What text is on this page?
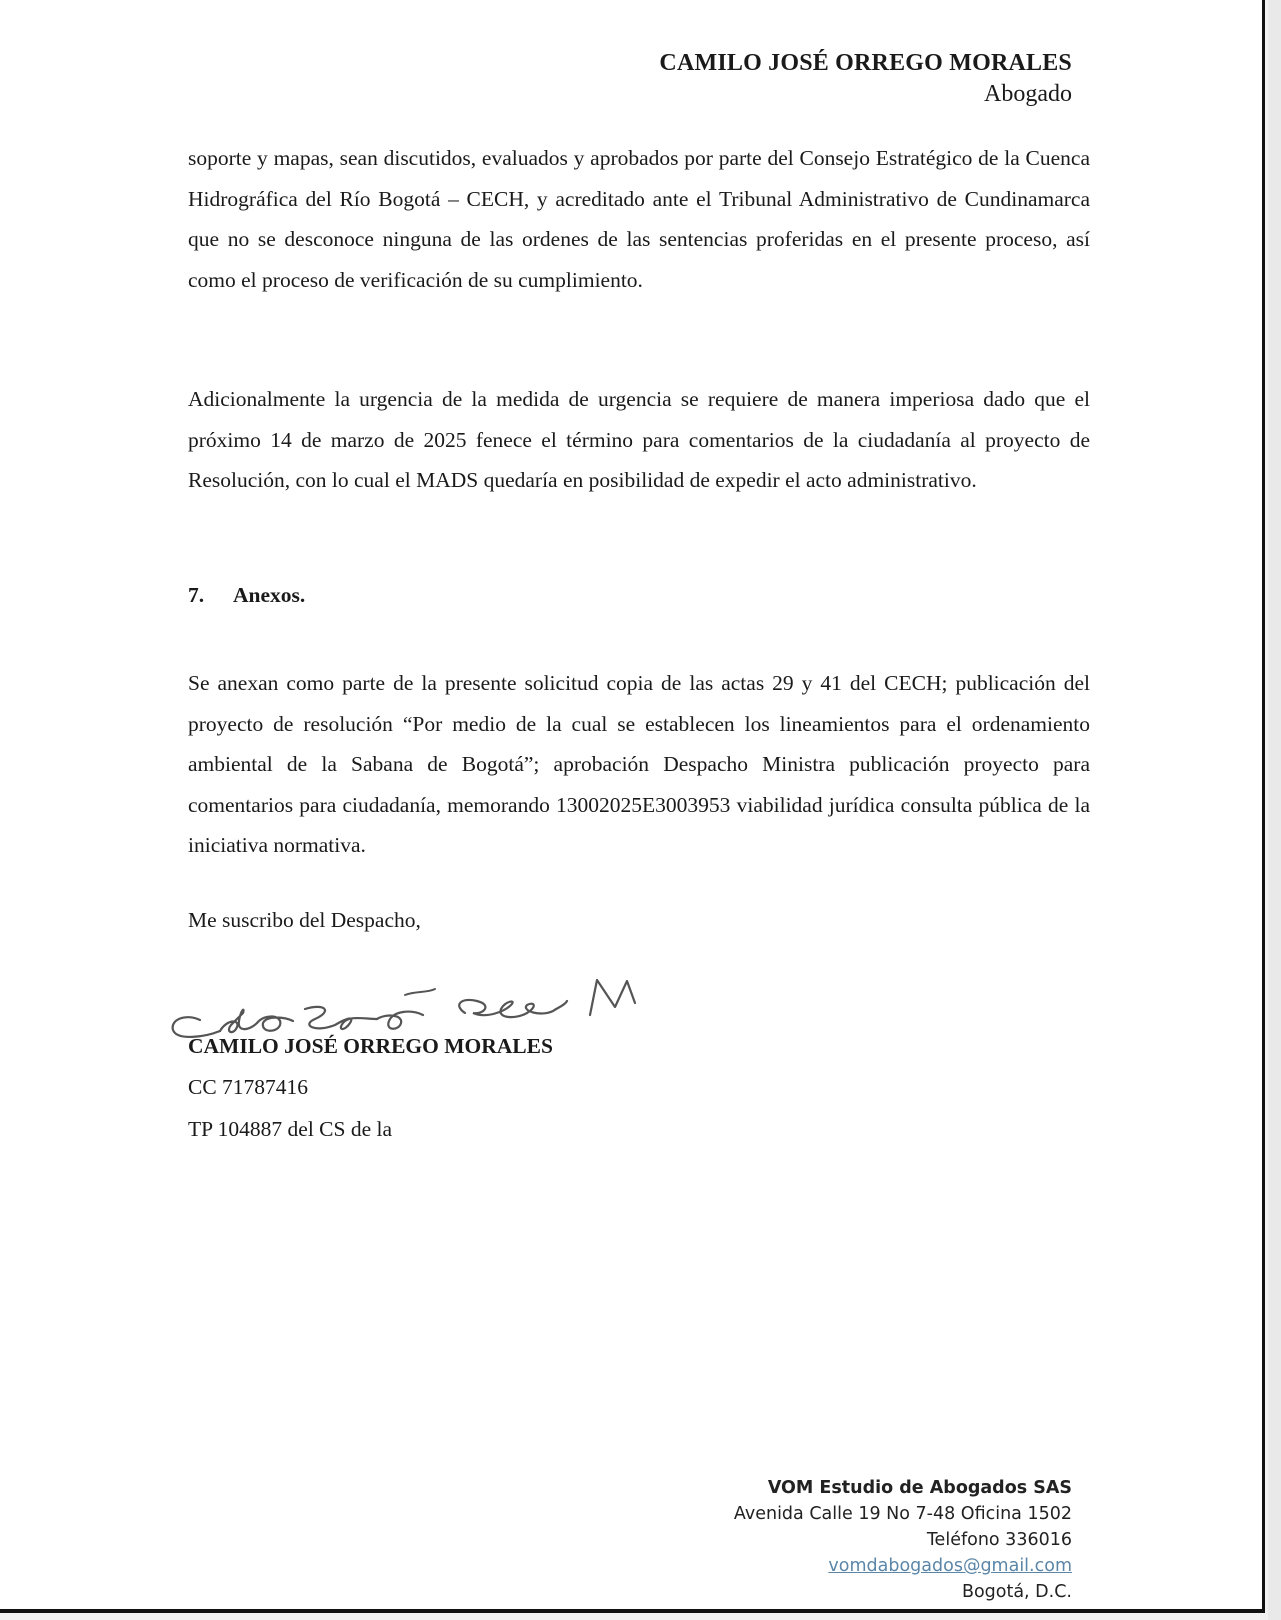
CAMILO JOSÉ ORREGO MORALES
Abogado
soporte y mapas, sean discutidos, evaluados y aprobados por parte del Consejo Estratégico de la Cuenca Hidrográfica del Río Bogotá – CECH, y acreditado ante el Tribunal Administrativo de Cundinamarca que no se desconoce ninguna de las ordenes de las sentencias proferidas en el presente proceso, así como el proceso de verificación de su cumplimiento.
Adicionalmente la urgencia de la medida de urgencia se requiere de manera imperiosa dado que el próximo 14 de marzo de 2025 fenece el término para comentarios de la ciudadanía al proyecto de Resolución, con lo cual el MADS quedaría en posibilidad de expedir el acto administrativo.
7. Anexos.
Se anexan como parte de la presente solicitud copia de las actas 29 y 41 del CECH; publicación del proyecto de resolución “Por medio de la cual se establecen los lineamientos para el ordenamiento ambiental de la Sabana de Bogotá”; aprobación Despacho Ministra publicación proyecto para comentarios para ciudadanía, memorando 13002025E3003953 viabilidad jurídica consulta pública de la iniciativa normativa.
Me suscribo del Despacho,
CAMILO JOSÉ ORREGO MORALES
CC 71787416
TP 104887 del CS de la
VOM Estudio de Abogados SAS
Avenida Calle 19 No 7-48 Oficina 1502
Teléfono 336016
vomdabogados@gmail.com
Bogotá, D.C.
